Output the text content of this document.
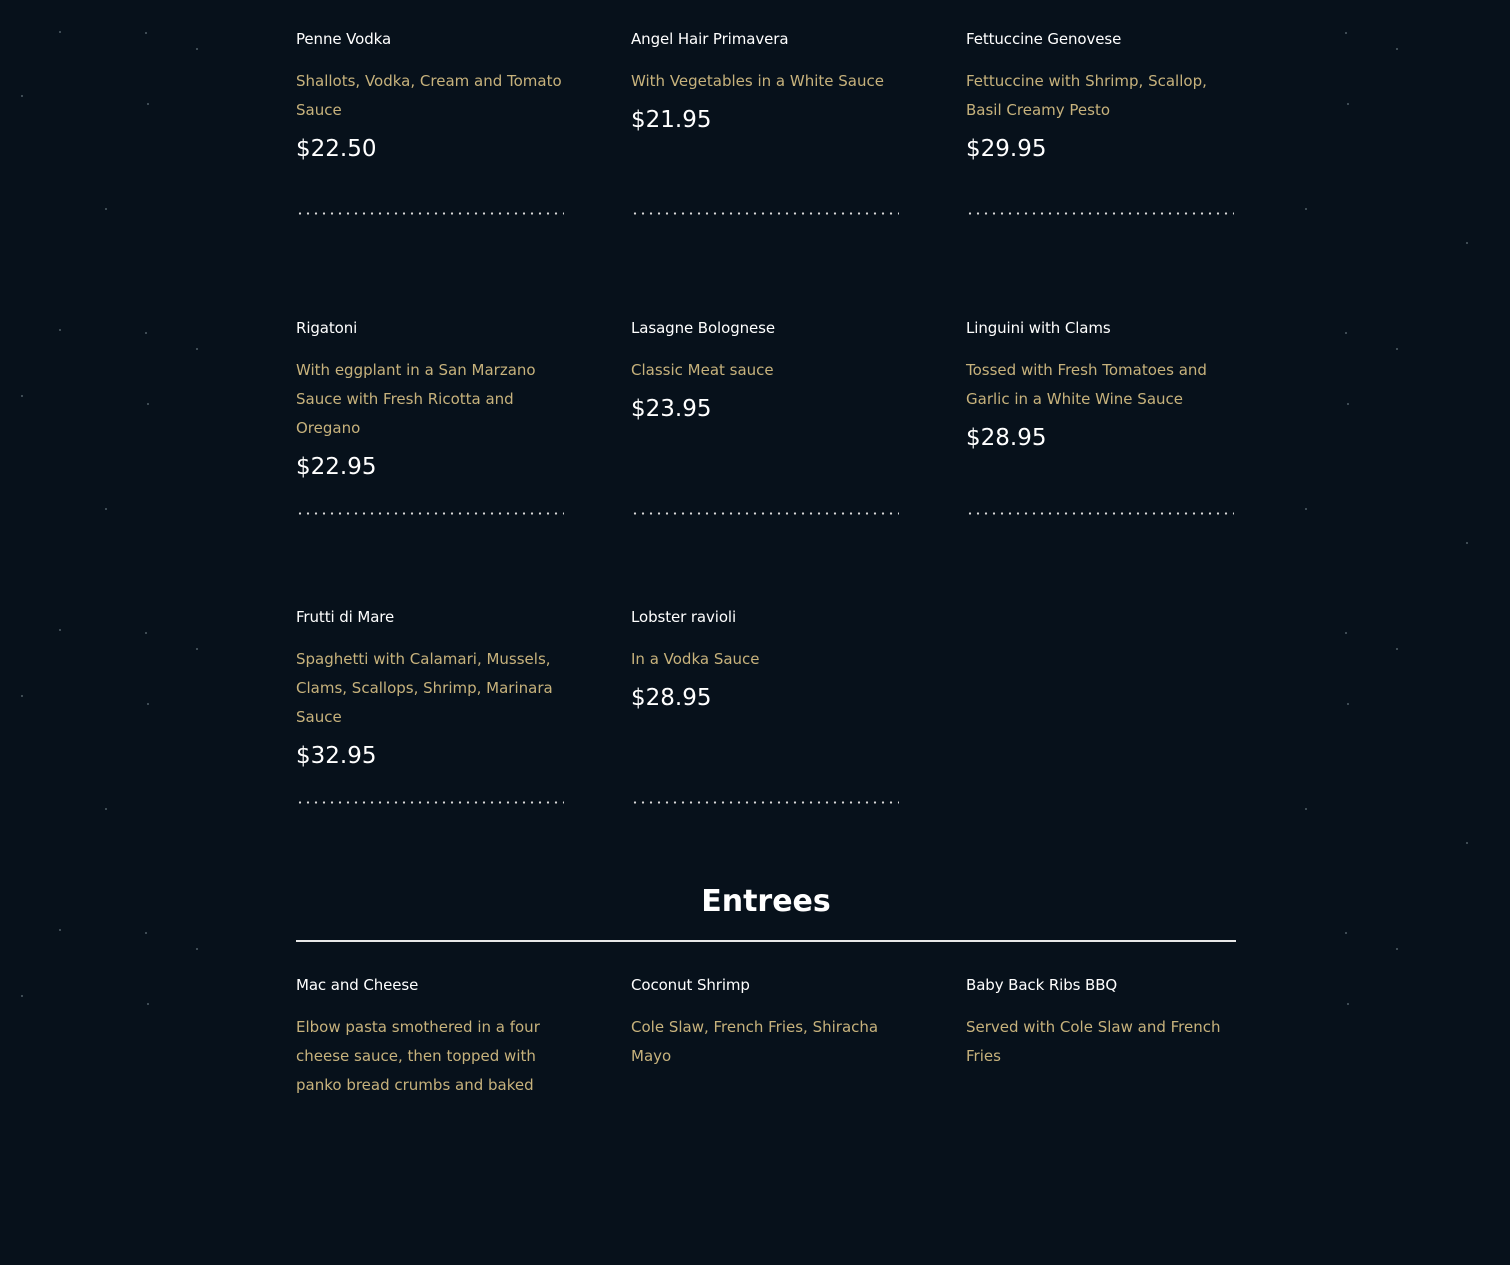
Penne Vodka
Shallots, Vodka, Cream and Tomato Sauce
$22.50
Angel Hair Primavera
With Vegetables in a White Sauce
$21.95
Fettuccine Genovese
Fettuccine with Shrimp, Scallop, Basil Creamy Pesto
$29.95
Rigatoni
With eggplant in a San Marzano Sauce with Fresh Ricotta and Oregano
$22.95
Lasagne Bolognese
Classic Meat sauce
$23.95
Linguini with Clams
Tossed with Fresh Tomatoes and Garlic in a White Wine Sauce
$28.95
Frutti di Mare
Spaghetti with Calamari, Mussels, Clams, Scallops, Shrimp, Marinara Sauce
$32.95
Lobster ravioli
In a Vodka Sauce
$28.95
Entrees
Mac and Cheese
Elbow pasta smothered in a four cheese sauce, then topped with panko bread crumbs and baked
Coconut Shrimp
Cole Slaw, French Fries, Shiracha Mayo
Baby Back Ribs BBQ
Served with Cole Slaw and French Fries
